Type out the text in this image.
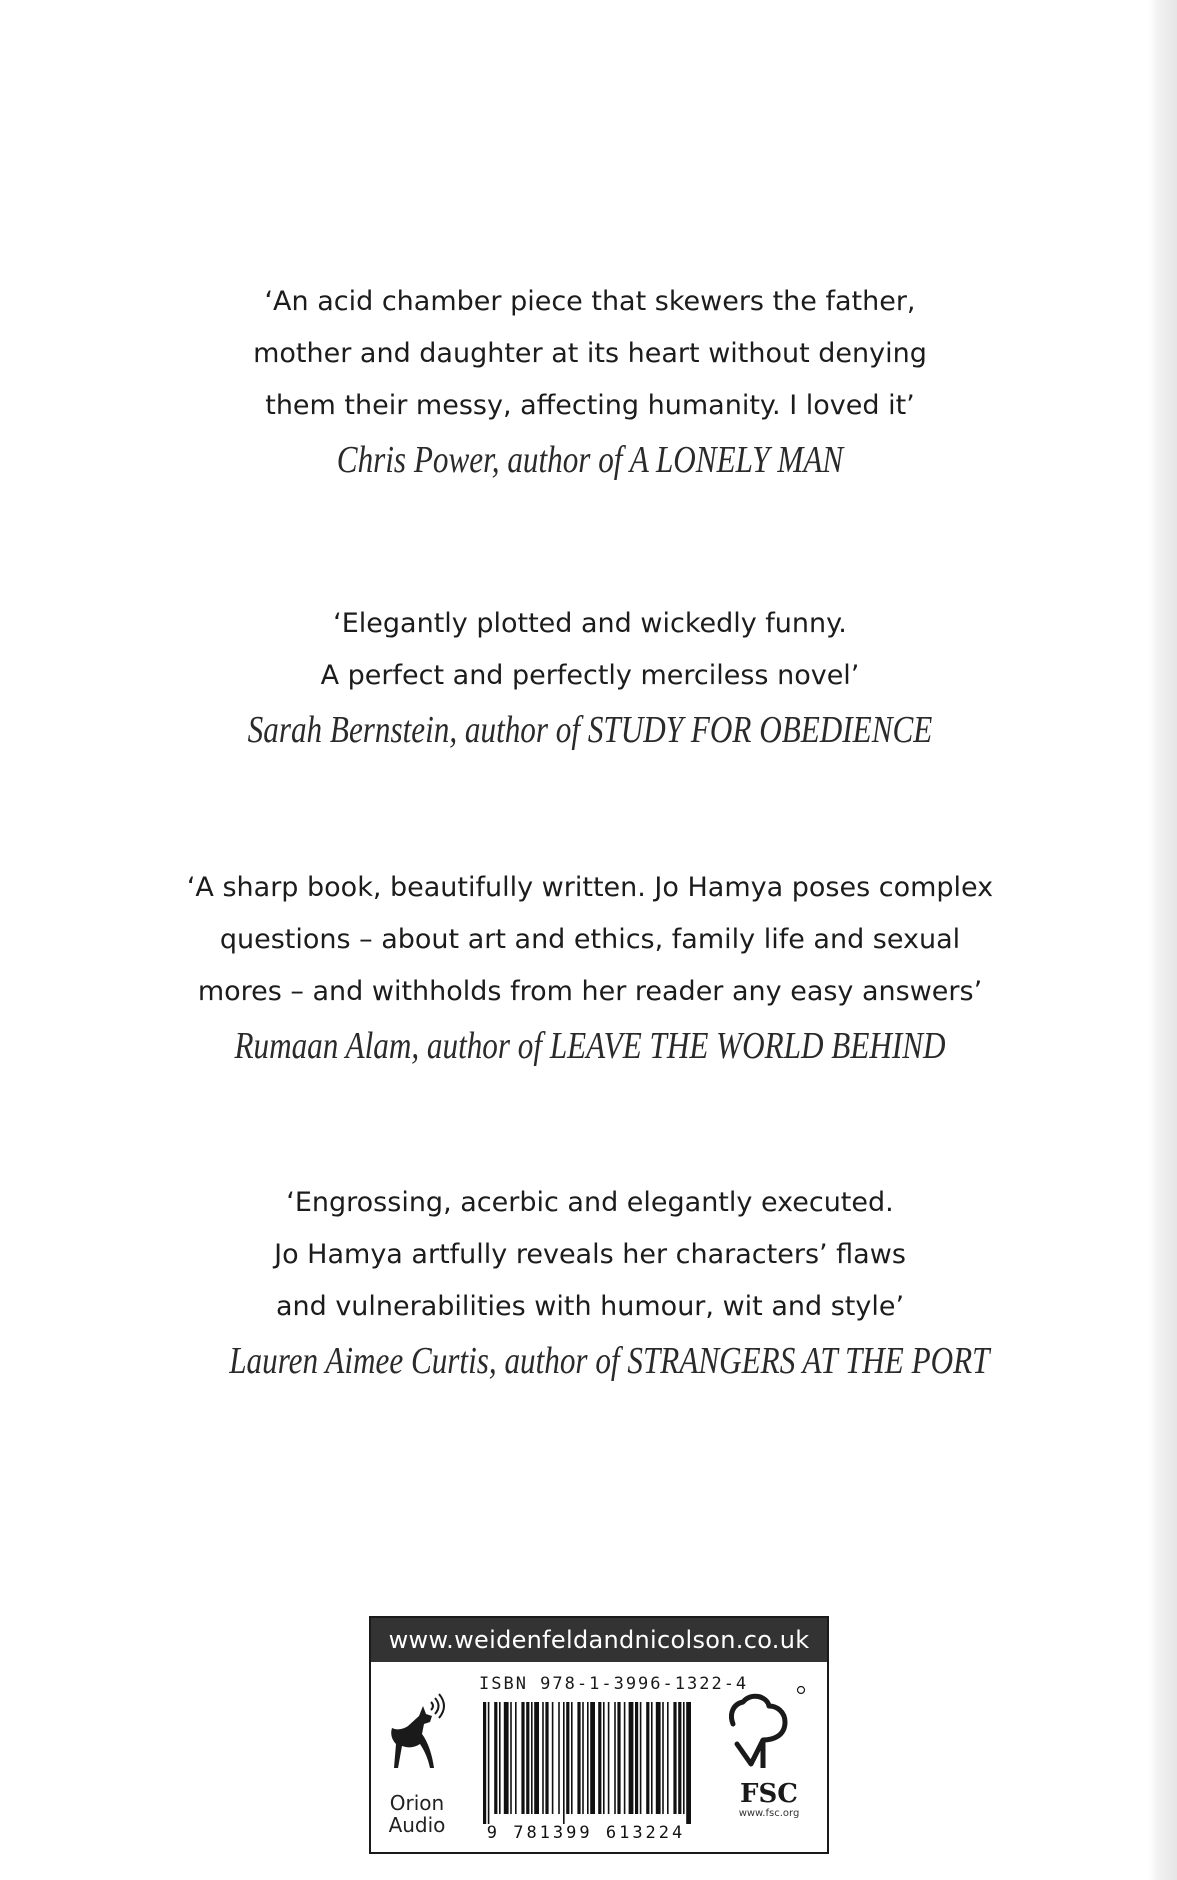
‘An acid chamber piece that skewers the father,
mother and daughter at its heart without denying
them their messy, affecting humanity. I loved it’
Chris Power, author of A LONELY MAN
‘Elegantly plotted and wickedly funny.
A perfect and perfectly merciless novel’
Sarah Bernstein, author of STUDY FOR OBEDIENCE
‘A sharp book, beautifully written. Jo Hamya poses complex
questions – about art and ethics, family life and sexual
mores – and withholds from her reader any easy answers’
Rumaan Alam, author of LEAVE THE WORLD BEHIND
‘Engrossing, acerbic and elegantly executed.
Jo Hamya artfully reveals her characters’ flaws
and vulnerabilities with humour, wit and style’
Lauren Aimee Curtis, author of STRANGERS AT THE PORT
www.weidenfeldandnicolson.co.uk
Orion
Audio
ISBN 978-1-3996-1322-4
9 781399 613224
FSC
www.fsc.org
